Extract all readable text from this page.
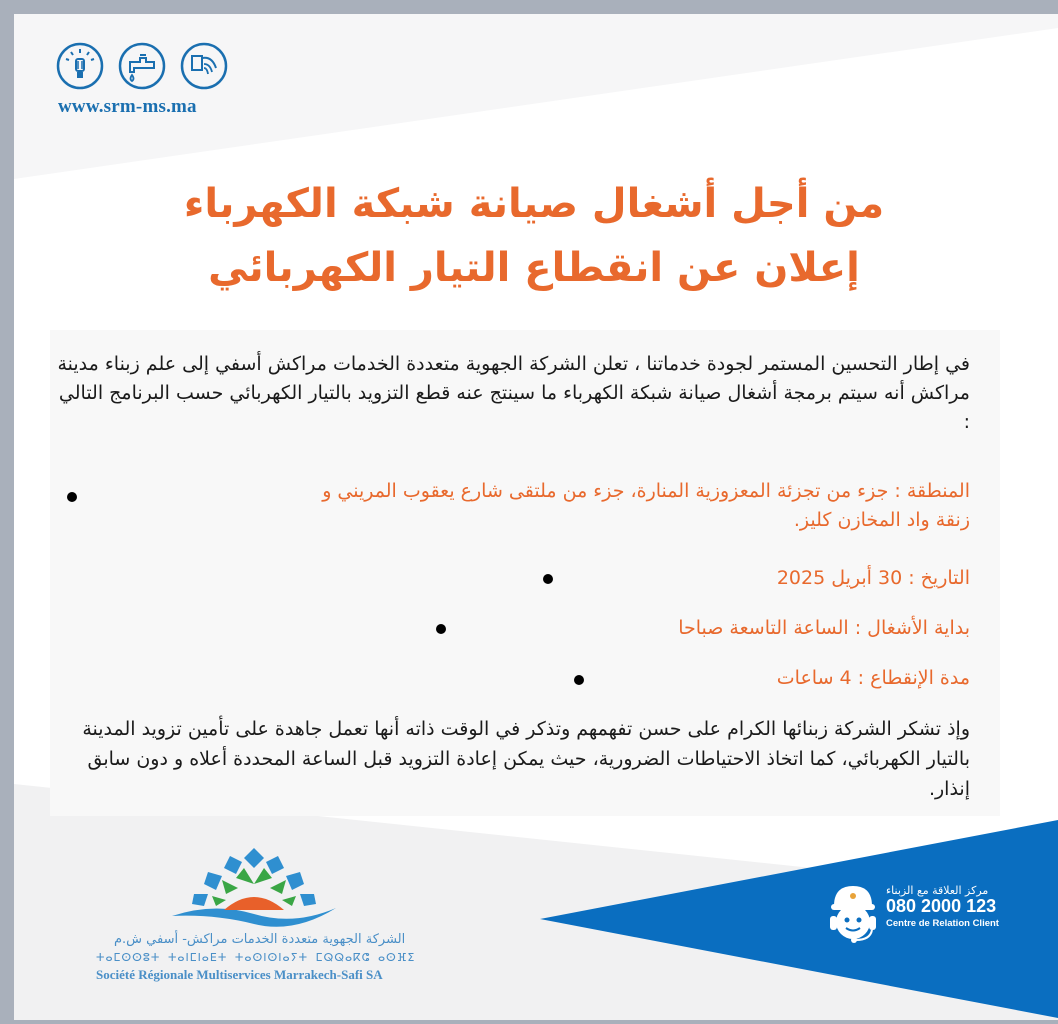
www.srm-ms.ma
من أجل أشغال صيانة شبكة الكهرباء
إعلان عن انقطاع التيار الكهربائي
في إطار التحسين المستمر لجودة خدماتنا ، تعلن الشركة الجهوية متعددة الخدمات مراكش أسفي إلى علم زبناء مدينة مراكش أنه سيتم برمجة أشغال صيانة شبكة الكهرباء ما سينتج عنه قطع التزويد بالتيار الكهربائي حسب البرنامج التالي :
المنطقة : جزء من تجزئة المعزوزية المنارة، جزء من ملتقى شارع يعقوب المريني و
زنقة واد المخازن كليز.
التاريخ : 30 أبريل 2025
بداية الأشغال : الساعة التاسعة صباحا
مدة الإنقطاع : 4 ساعات
وإذ تشكر الشركة زبنائها الكرام على حسن تفهمهم وتذكر في الوقت ذاته أنها تعمل جاهدة على تأمين تزويد المدينة بالتيار الكهربائي، كما اتخاذ الاحتياطات الضرورية، حيث يمكن إعادة التزويد قبل الساعة المحددة أعلاه و دون سابق إنذار.
الشركة الجهوية متعددة الخدمات مراكش- أسفي ش.م
ⵜⴰⵎⵙⵙⵓⵜ ⵜⴰⵏⵎⵏⴰⴹⵜ ⵜⴰⵙⵏⵙⵏⴰⵢⵜ ⵎⵕⵕⴰⴽⵛ ⴰⵙⴼⵉ
Société Régionale Multiservices Marrakech-Safi SA
مركز العلاقة مع الزبناء
080 2000 123
Centre de Relation Client
